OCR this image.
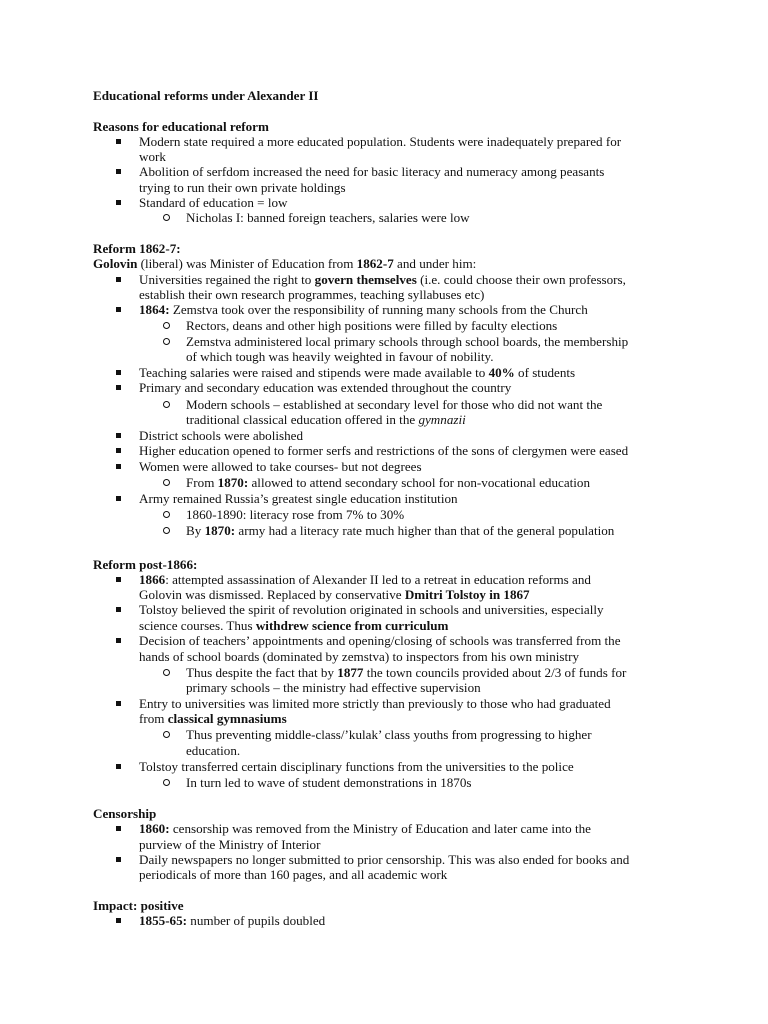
Educational reforms under Alexander II
Reasons for educational reform
Modern state required a more educated population. Students were inadequately prepared for
work
Abolition of serfdom increased the need for basic literacy and numeracy among peasants
trying to run their own private holdings
Standard of education = low
Nicholas I: banned foreign teachers, salaries were low
Reform 1862-7:
Golovin (liberal) was Minister of Education from 1862-7 and under him:
Universities regained the right to govern themselves (i.e. could choose their own professors,
establish their own research programmes, teaching syllabuses etc)
1864: Zemstva took over the responsibility of running many schools from the Church
Rectors, deans and other high positions were filled by faculty elections
Zemstva administered local primary schools through school boards, the membership
of which tough was heavily weighted in favour of nobility.
Teaching salaries were raised and stipends were made available to 40% of students
Primary and secondary education was extended throughout the country
Modern schools – established at secondary level for those who did not want the
traditional classical education offered in the gymnazii
District schools were abolished
Higher education opened to former serfs and restrictions of the sons of clergymen were eased
Women were allowed to take courses- but not degrees
From 1870: allowed to attend secondary school for non-vocational education
Army remained Russia’s greatest single education institution
1860-1890: literacy rose from 7% to 30%
By 1870: army had a literacy rate much higher than that of the general population
Reform post-1866:
1866: attempted assassination of Alexander II led to a retreat in education reforms and
Golovin was dismissed. Replaced by conservative Dmitri Tolstoy in 1867
Tolstoy believed the spirit of revolution originated in schools and universities, especially
science courses. Thus withdrew science from curriculum
Decision of teachers’ appointments and opening/closing of schools was transferred from the
hands of school boards (dominated by zemstva) to inspectors from his own ministry
Thus despite the fact that by 1877 the town councils provided about 2/3 of funds for
primary schools – the ministry had effective supervision
Entry to universities was limited more strictly than previously to those who had graduated
from classical gymnasiums
Thus preventing middle-class/’kulak’ class youths from progressing to higher
education.
Tolstoy transferred certain disciplinary functions from the universities to the police
In turn led to wave of student demonstrations in 1870s
Censorship
1860: censorship was removed from the Ministry of Education and later came into the
purview of the Ministry of Interior
Daily newspapers no longer submitted to prior censorship. This was also ended for books and
periodicals of more than 160 pages, and all academic work
Impact: positive
1855-65: number of pupils doubled
